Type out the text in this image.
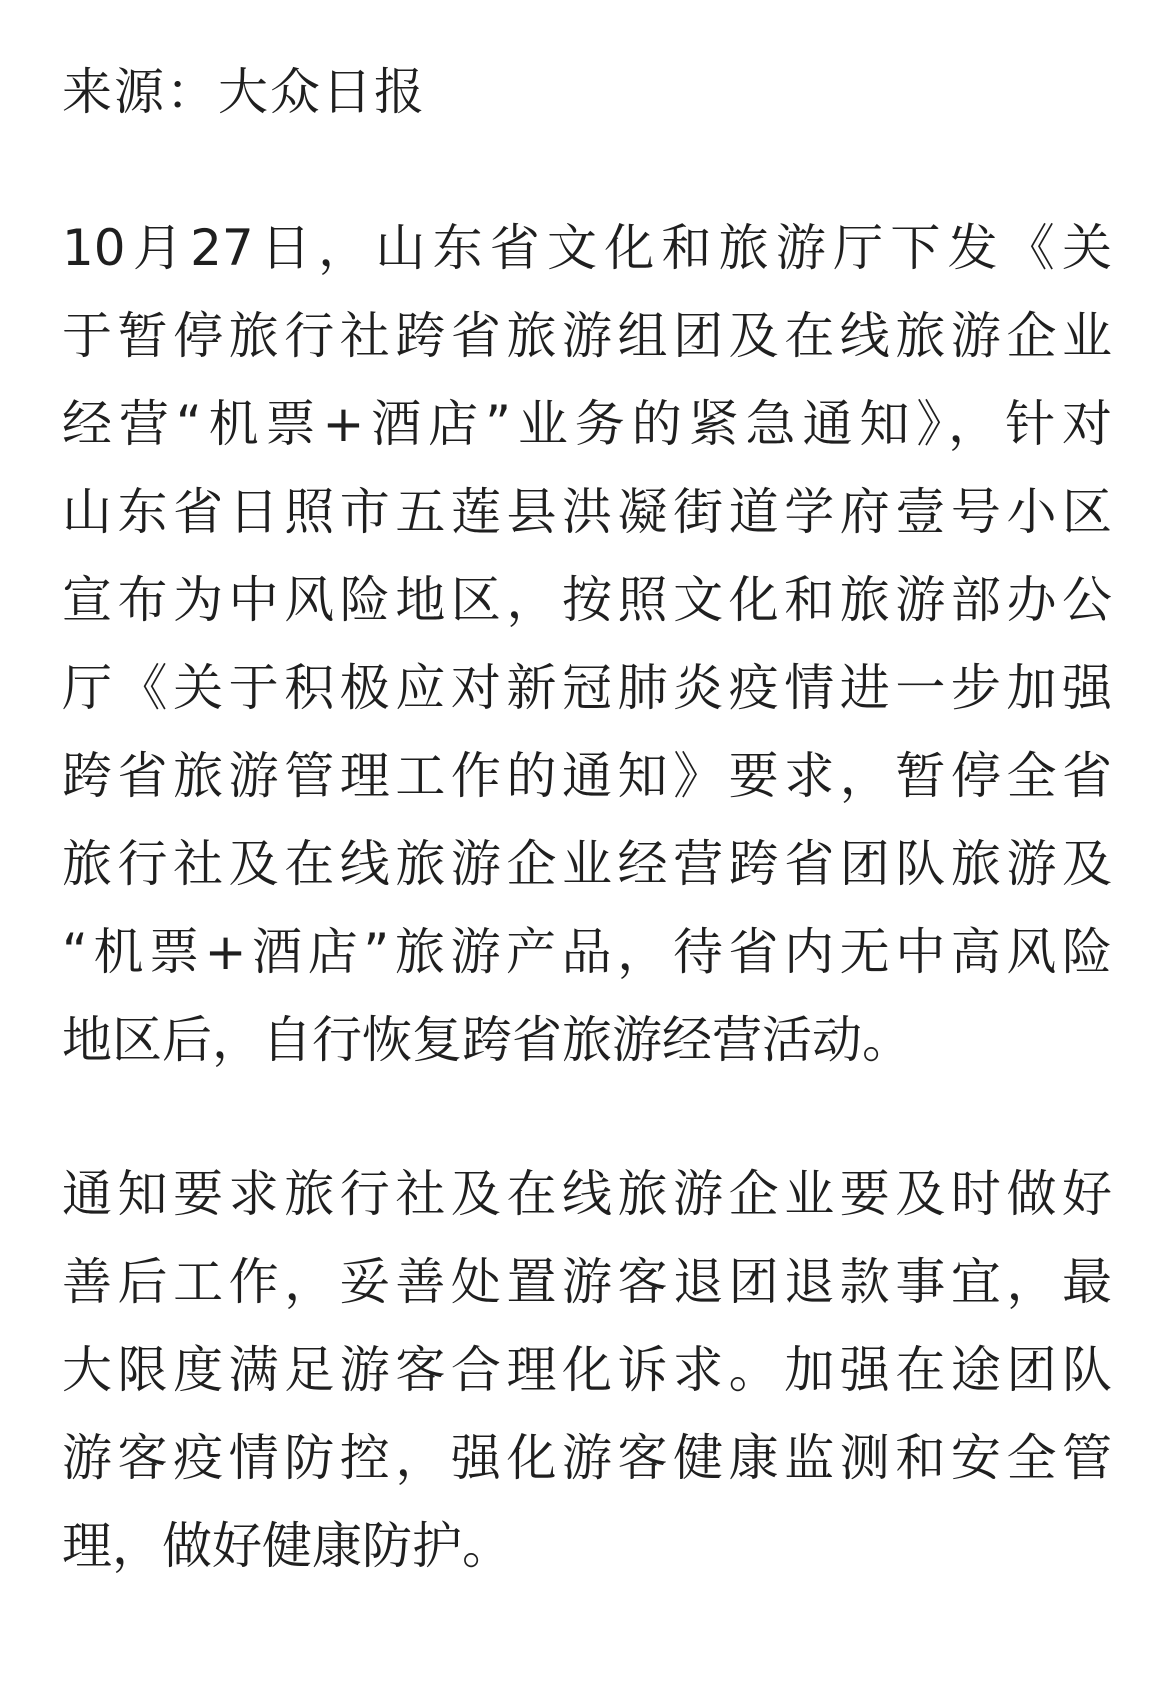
来源：大众日报
10月27日，山东省文化和旅游厅下发《关
于暂停旅行社跨省旅游组团及在线旅游企业
经营“机票+酒店”业务的紧急通知》，针对
山东省日照市五莲县洪凝街道学府壹号小区
宣布为中风险地区，按照文化和旅游部办公
厅《关于积极应对新冠肺炎疫情进一步加强
跨省旅游管理工作的通知》要求，暂停全省
旅行社及在线旅游企业经营跨省团队旅游及
“机票+酒店”旅游产品，待省内无中高风险
地区后，自行恢复跨省旅游经营活动。
通知要求旅行社及在线旅游企业要及时做好
善后工作，妥善处置游客退团退款事宜，最
大限度满足游客合理化诉求。加强在途团队
游客疫情防控，强化游客健康监测和安全管
理，做好健康防护。
